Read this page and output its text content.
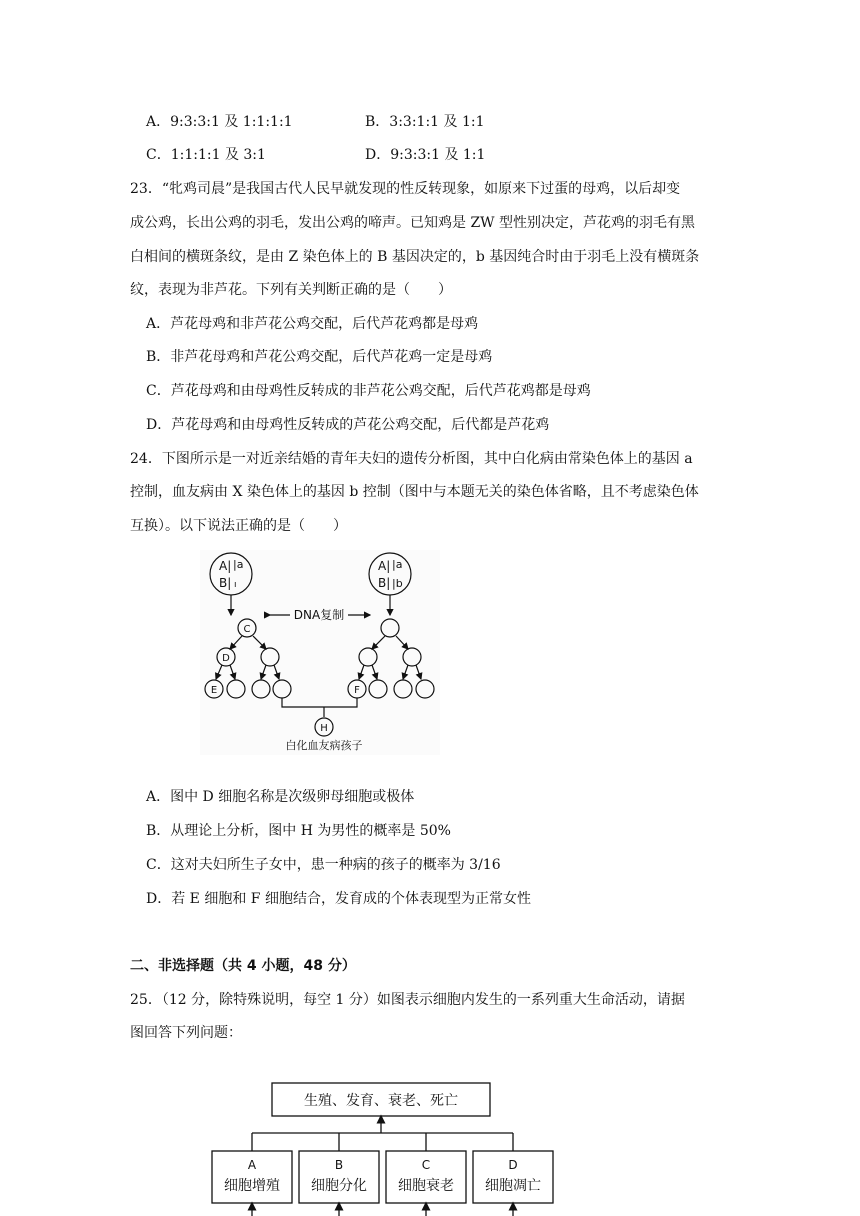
A．9:3:3:1 及 1:1:1:1	B．3:3:1:1 及 1:1
C．1:1:1:1 及 3:1	D．9:3:3:1 及 1:1
23．“牝鸡司晨”是我国古代人民早就发现的性反转现象，如原来下过蛋的母鸡，以后却变
成公鸡，长出公鸡的羽毛，发出公鸡的啼声。已知鸡是 ZW 型性别决定，芦花鸡的羽毛有黑
白相间的横斑条纹，是由 Z 染色体上的 B 基因决定的，b 基因纯合时由于羽毛上没有横斑条
纹，表现为非芦花。下列有关判断正确的是（　　）
A．芦花母鸡和非芦花公鸡交配，后代芦花鸡都是母鸡
B．非芦花母鸡和芦花公鸡交配，后代芦花鸡一定是母鸡
C．芦花母鸡和由母鸡性反转成的非芦花公鸡交配，后代芦花鸡都是母鸡
D．芦花母鸡和由母鸡性反转成的芦花公鸡交配，后代都是芦花鸡
24．下图所示是一对近亲结婚的青年夫妇的遗传分析图，其中白化病由常染色体上的基因 a
控制，血友病由 X 染色体上的基因 b 控制（图中与本题无关的染色体省略，且不考虑染色体
互换）。以下说法正确的是（　　）
A| |a
B| ı
A| |a
B| |b
DNA复制
C
D
E	F
H
白化血友病孩子
A．图中 D 细胞名称是次级卵母细胞或极体
B．从理论上分析，图中 H 为男性的概率是 50%
C．这对夫妇所生子女中，患一种病的孩子的概率为 3/16
D．若 E 细胞和 F 细胞结合，发育成的个体表现型为正常女性
二、非选择题（共 4 小题，48 分）
25．（12 分，除特殊说明，每空 1 分）如图表示细胞内发生的一系列重大生命活动，请据
图回答下列问题：
生殖、发育、衰老、死亡
A
细胞增殖
B
细胞分化
C
细胞衰老
D
细胞凋亡
